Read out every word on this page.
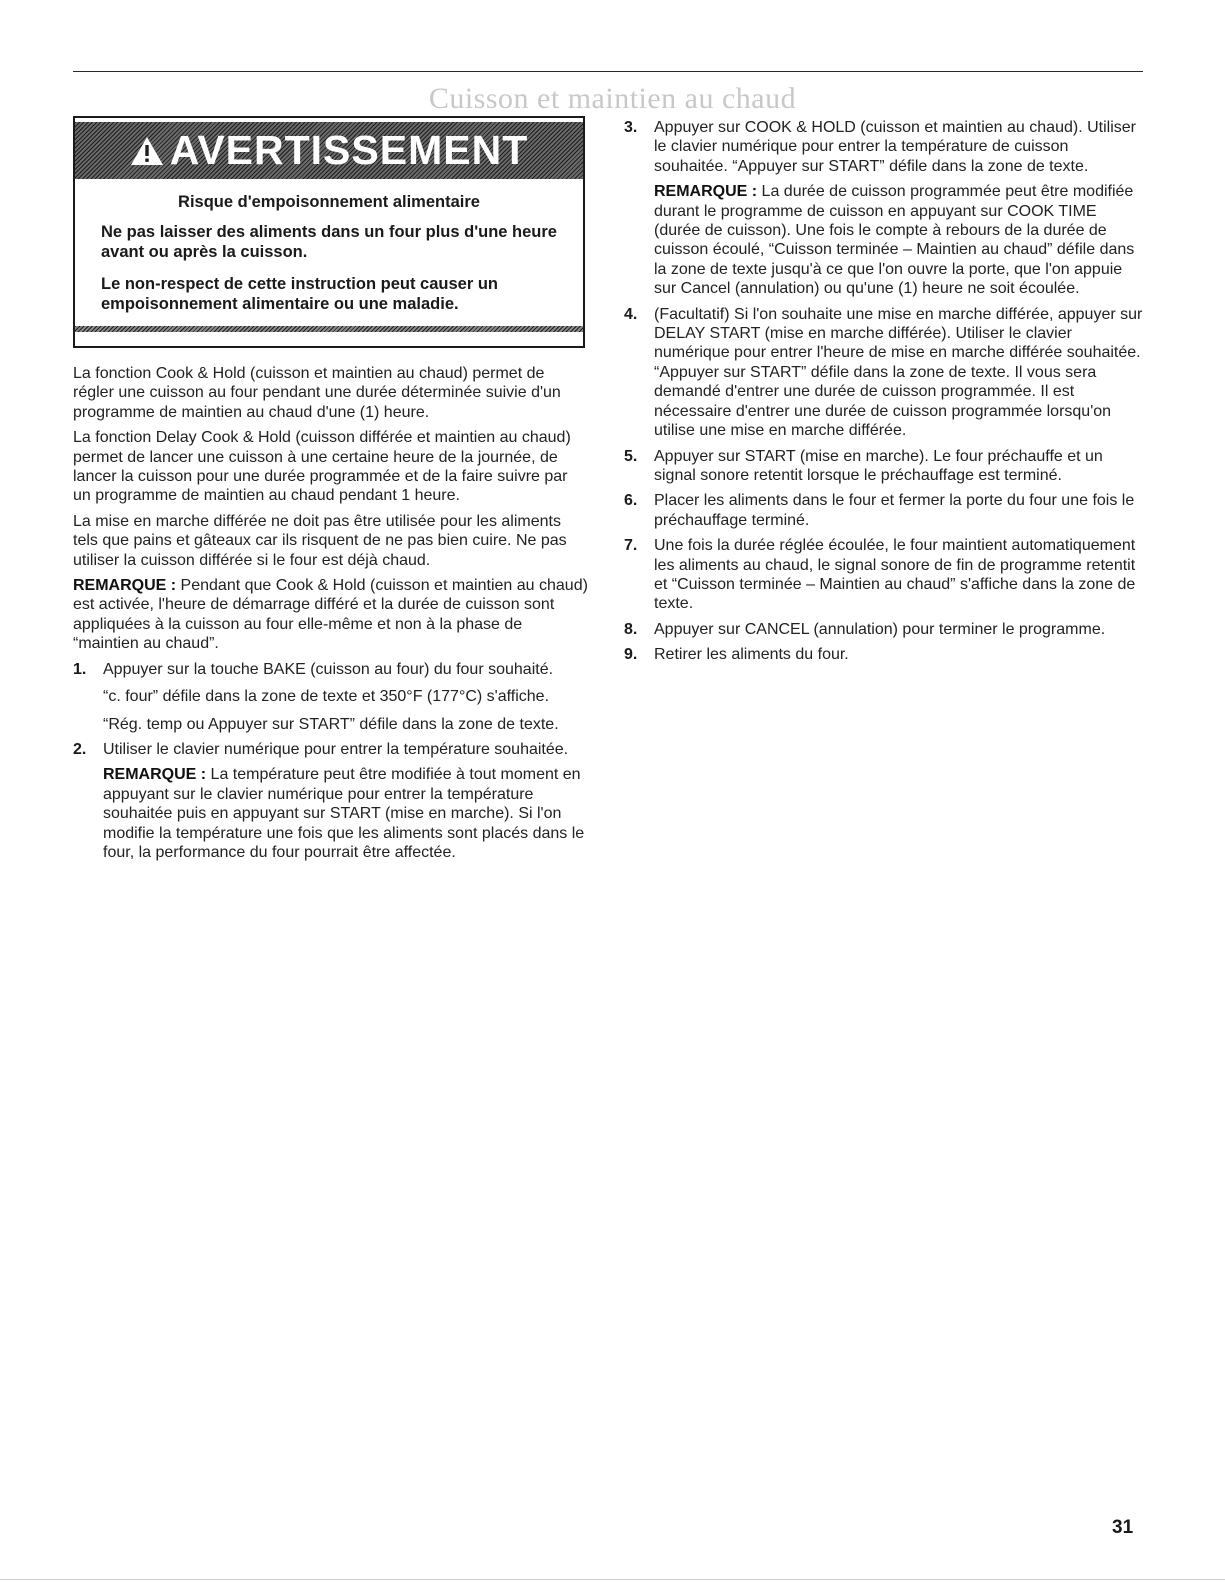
Cuisson et maintien au chaud
AVERTISSEMENT
Risque d'empoisonnement alimentaire

Ne pas laisser des aliments dans un four plus d'une heure avant ou après la cuisson.

Le non-respect de cette instruction peut causer un empoisonnement alimentaire ou une maladie.

La fonction Cook & Hold (cuisson et maintien au chaud) permet de régler une cuisson au four pendant une durée déterminée suivie d'un programme de maintien au chaud d'une (1) heure.

La fonction Delay Cook & Hold (cuisson différée et maintien au chaud) permet de lancer une cuisson à une certaine heure de la journée, de lancer la cuisson pour une durée programmée et de la faire suivre par un programme de maintien au chaud pendant 1 heure.

La mise en marche différée ne doit pas être utilisée pour les aliments tels que pains et gâteaux car ils risquent de ne pas bien cuire. Ne pas utiliser la cuisson différée si le four est déjà chaud.

REMARQUE : Pendant que Cook & Hold (cuisson et maintien au chaud) est activée, l'heure de démarrage différé et la durée de cuisson sont appliquées à la cuisson au four elle-même et non à la phase de “maintien au chaud”.

1. Appuyer sur la touche BAKE (cuisson au four) du four souhaité.

“c. four” défile dans la zone de texte et 350°F (177°C) s'affiche.

“Rég. temp ou Appuyer sur START” défile dans la zone de texte.

2. Utiliser le clavier numérique pour entrer la température souhaitée.

REMARQUE : La température peut être modifiée à tout moment en appuyant sur le clavier numérique pour entrer la température souhaitée puis en appuyant sur START (mise en marche). Si l'on modifie la température une fois que les aliments sont placés dans le four, la performance du four pourrait être affectée.

3. Appuyer sur COOK & HOLD (cuisson et maintien au chaud). Utiliser le clavier numérique pour entrer la température de cuisson souhaitée. “Appuyer sur START” défile dans la zone de texte.

REMARQUE : La durée de cuisson programmée peut être modifiée durant le programme de cuisson en appuyant sur COOK TIME (durée de cuisson). Une fois le compte à rebours de la durée de cuisson écoulé, “Cuisson terminée – Maintien au chaud” défile dans la zone de texte jusqu'à ce que l'on ouvre la porte, que l'on appuie sur Cancel (annulation) ou qu'une (1) heure ne soit écoulée.

4. (Facultatif) Si l'on souhaite une mise en marche différée, appuyer sur DELAY START (mise en marche différée). Utiliser le clavier numérique pour entrer l'heure de mise en marche différée souhaitée. “Appuyer sur START” défile dans la zone de texte. Il vous sera demandé d'entrer une durée de cuisson programmée. Il est nécessaire d'entrer une durée de cuisson programmée lorsqu'on utilise une mise en marche différée.

5. Appuyer sur START (mise en marche). Le four préchauffe et un signal sonore retentit lorsque le préchauffage est terminé.

6. Placer les aliments dans le four et fermer la porte du four une fois le préchauffage terminé.

7. Une fois la durée réglée écoulée, le four maintient automatiquement les aliments au chaud, le signal sonore de fin de programme retentit et “Cuisson terminée – Maintien au chaud” s'affiche dans la zone de texte.

8. Appuyer sur CANCEL (annulation) pour terminer le programme.

9. Retirer les aliments du four.

31
